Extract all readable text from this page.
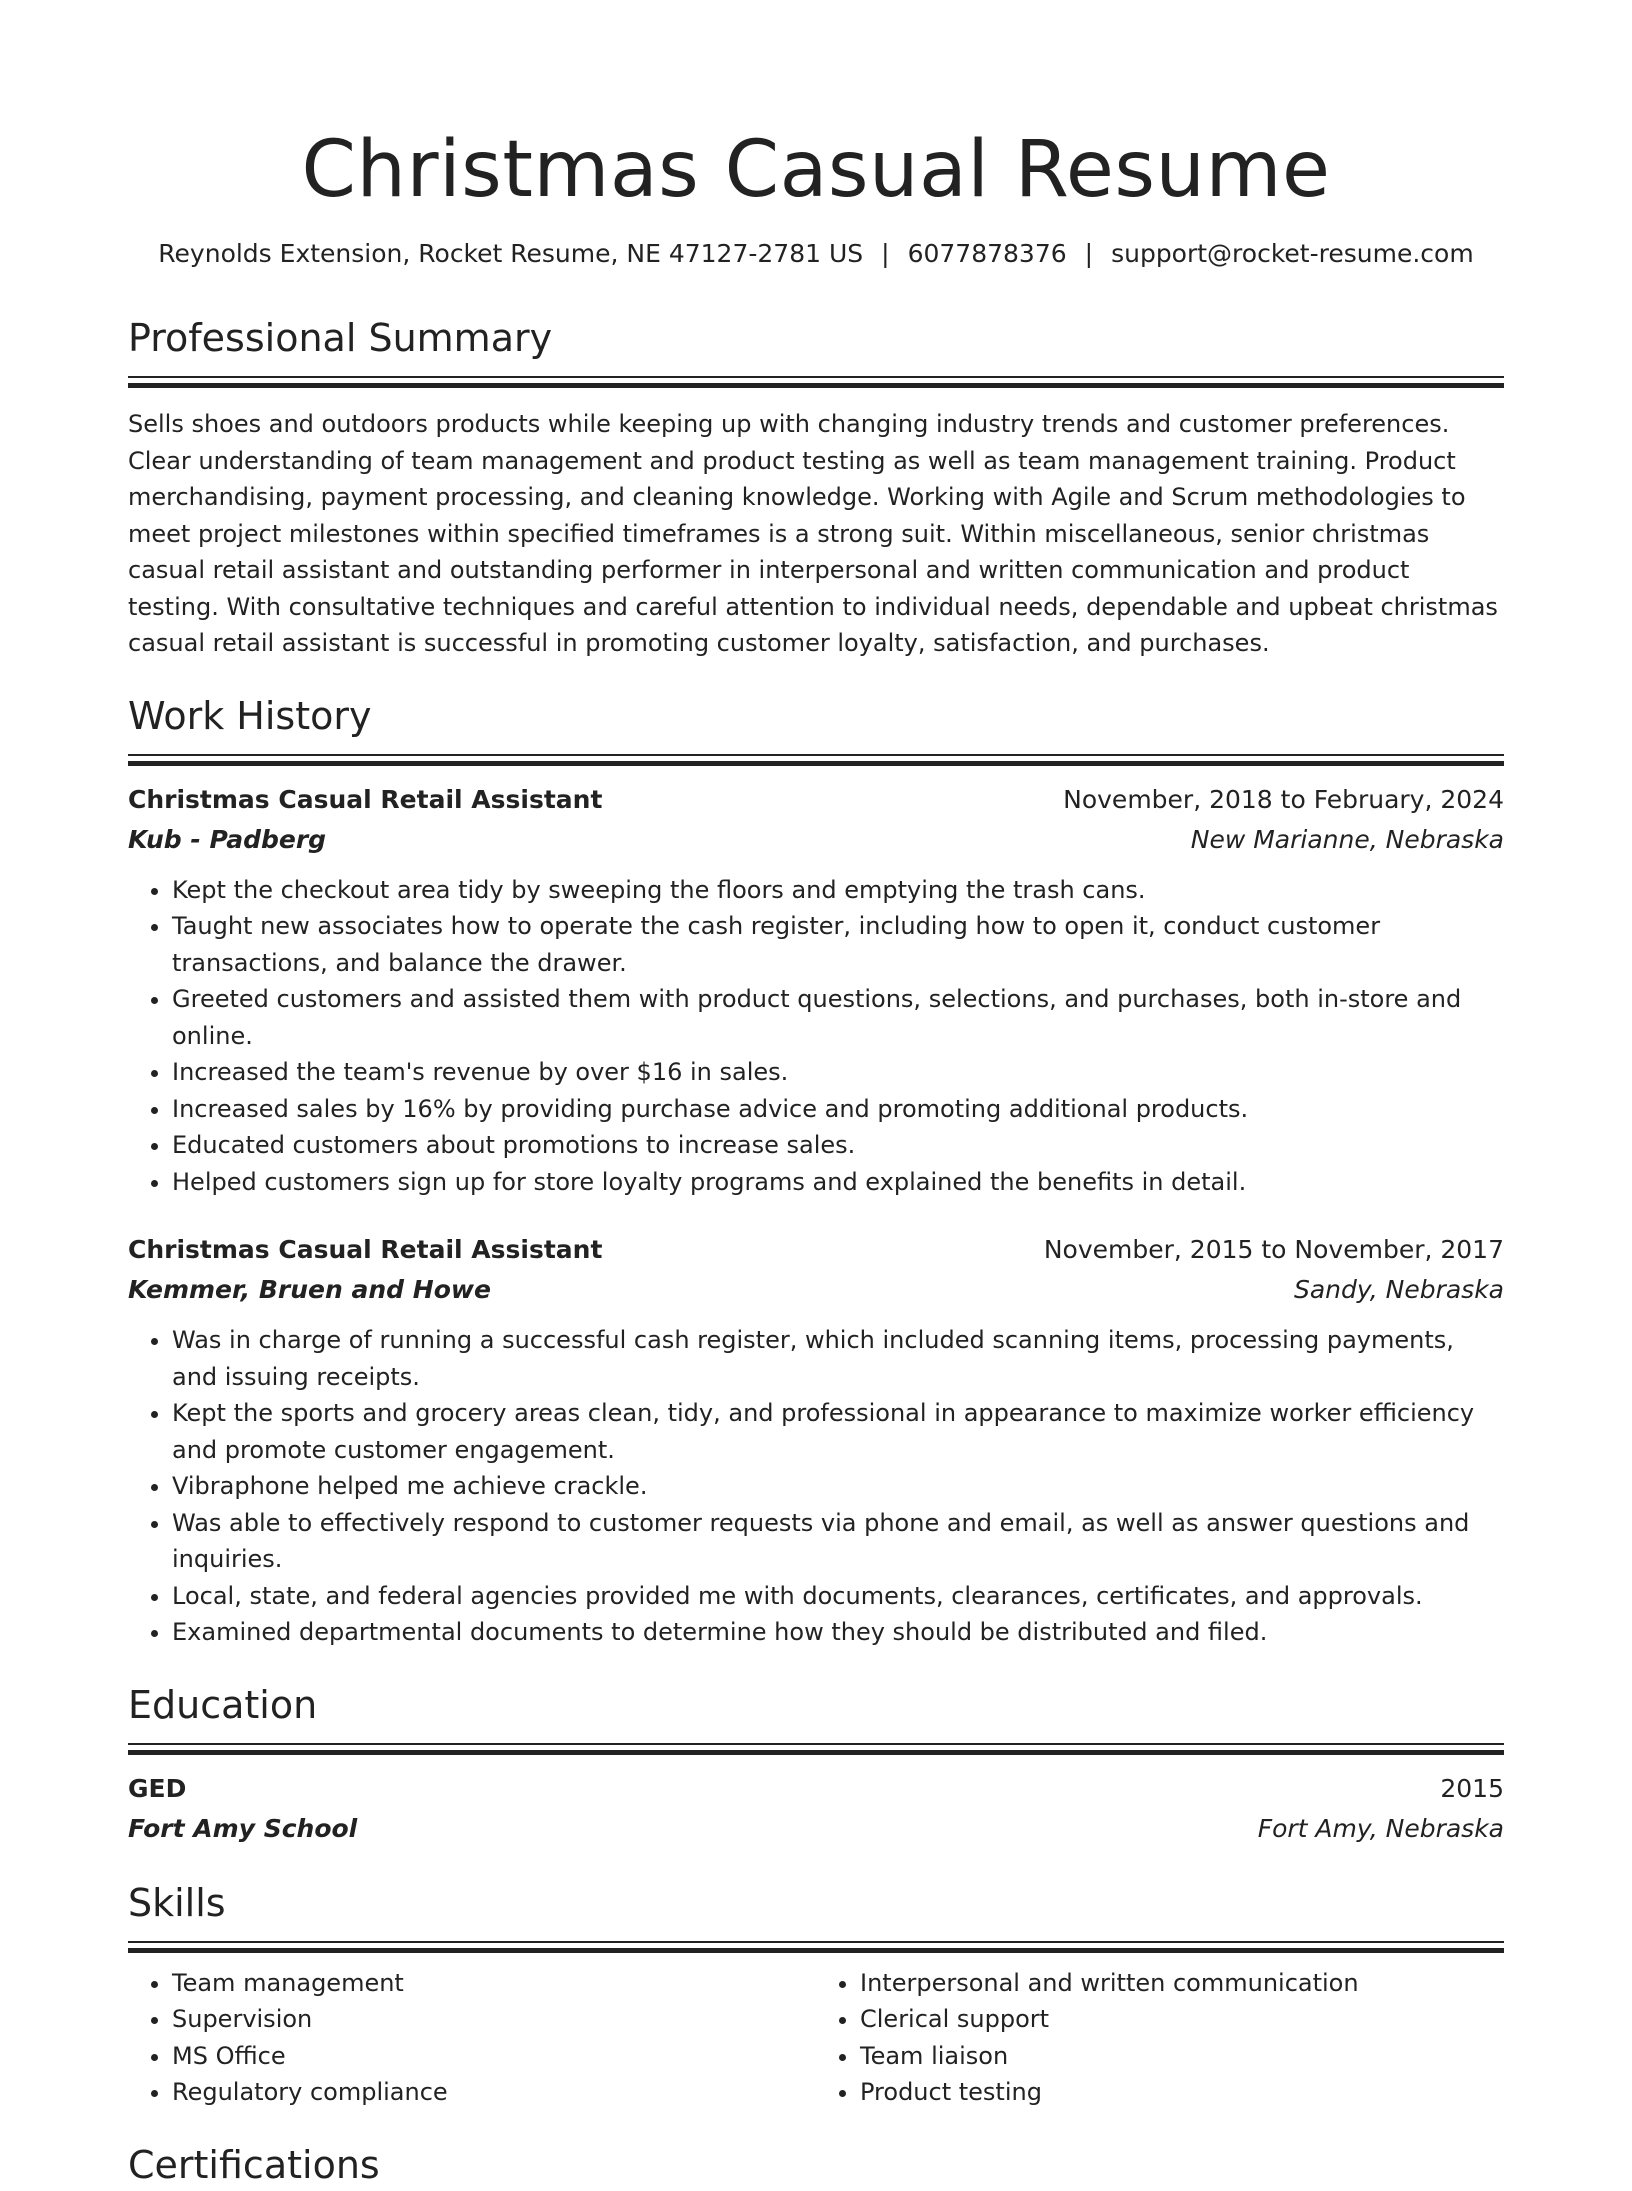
Christmas Casual Resume
Reynolds Extension, Rocket Resume, NE 47127-2781 US | 6077878376 | support@rocket-resume.com
Professional Summary
Sells shoes and outdoors products while keeping up with changing industry trends and customer preferences. Clear understanding of team management and product testing as well as team management training. Product merchandising, payment processing, and cleaning knowledge. Working with Agile and Scrum methodologies to meet project milestones within specified timeframes is a strong suit. Within miscellaneous, senior christmas casual retail assistant and outstanding performer in interpersonal and written communication and product testing. With consultative techniques and careful attention to individual needs, dependable and upbeat christmas casual retail assistant is successful in promoting customer loyalty, satisfaction, and purchases.
Work History
Christmas Casual Retail Assistant	November, 2018 to February, 2024
Kub - Padberg	New Marianne, Nebraska
• Kept the checkout area tidy by sweeping the floors and emptying the trash cans.
• Taught new associates how to operate the cash register, including how to open it, conduct customer transactions, and balance the drawer.
• Greeted customers and assisted them with product questions, selections, and purchases, both in-store and online.
• Increased the team's revenue by over $16 in sales.
• Increased sales by 16% by providing purchase advice and promoting additional products.
• Educated customers about promotions to increase sales.
• Helped customers sign up for store loyalty programs and explained the benefits in detail.
Christmas Casual Retail Assistant	November, 2015 to November, 2017
Kemmer, Bruen and Howe	Sandy, Nebraska
• Was in charge of running a successful cash register, which included scanning items, processing payments, and issuing receipts.
• Kept the sports and grocery areas clean, tidy, and professional in appearance to maximize worker efficiency and promote customer engagement.
• Vibraphone helped me achieve crackle.
• Was able to effectively respond to customer requests via phone and email, as well as answer questions and inquiries.
• Local, state, and federal agencies provided me with documents, clearances, certificates, and approvals.
• Examined departmental documents to determine how they should be distributed and filed.
Education
GED	2015
Fort Amy School	Fort Amy, Nebraska
Skills
• Team management
• Supervision
• MS Office
• Regulatory compliance
• Interpersonal and written communication
• Clerical support
• Team liaison
• Product testing
Certifications
